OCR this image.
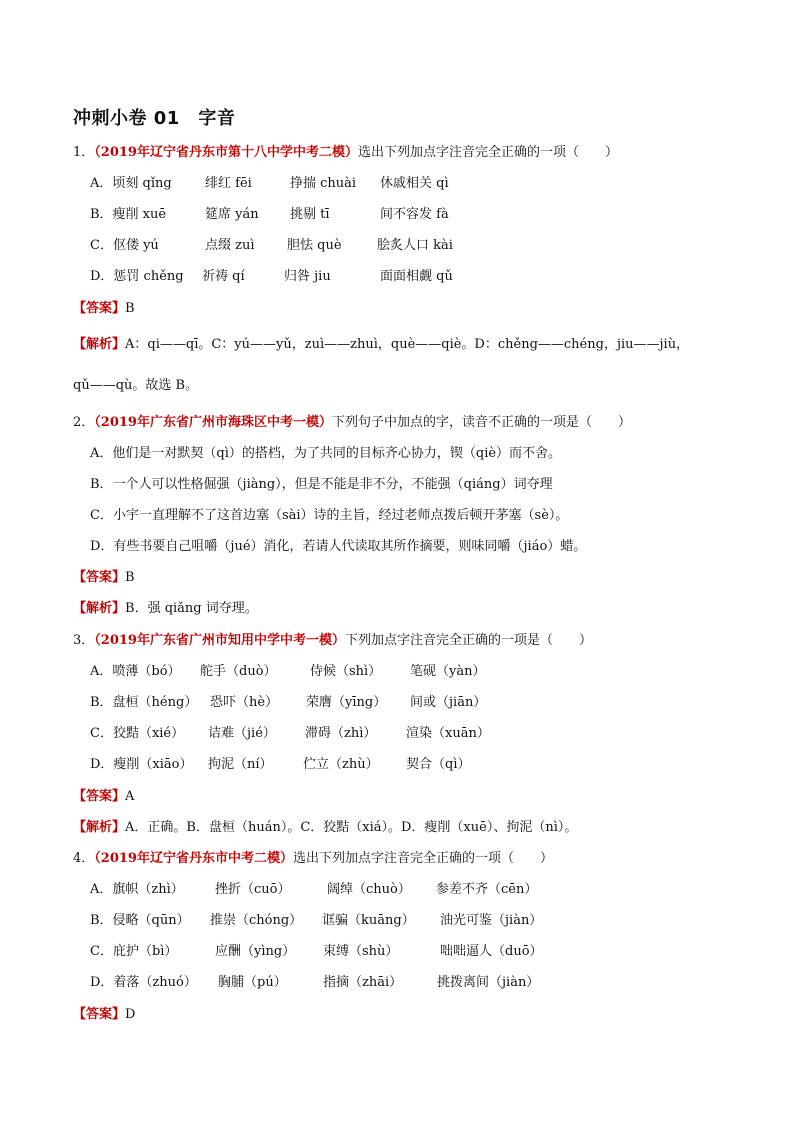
冲刺小卷 01　字音
1．（2019年辽宁省丹东市第十八中学中考二模）选出下列加点字注音完全正确的一项（　　）
A．顷刻 qǐng	绯红 fēi	挣揣 chuài 休戚相关 qì
B．瘦削 xuē	筵席 yán 挑剔 tī	间不容发 fà
C．伛偻 yú	点缀 zuì 胆怯 què	脍炙人口 kài
D．惩罚 chěng 祈祷 qí	归咎 jiu	面面相觑 qǔ
【答案】B
【解析】A：qi——qī。C：yú——yǔ，zuì——zhuì，què——qiè。D：chěng——chéng，jiu——jiù，
qǔ——qù。故选 B。
2．（2019年广东省广州市海珠区中考一模）下列句子中加点的字，读音不正确的一项是（　　）
A．他们是一对默契（qì）的搭档，为了共同的目标齐心协力，锲（qiè）而不舍。
B．一个人可以性格倔强（jiàng），但是不能是非不分，不能强（qiáng）词夺理
C．小宇一直理解不了这首边塞（sài）诗的主旨，经过老师点拨后顿开茅塞（sè）。
D．有些书要自己咀嚼（jué）消化，若请人代读取其所作摘要，则味同嚼（jiáo）蜡。
【答案】B
【解析】B．强 qiǎng 词夺理。
3．（2019年广东省广州市知用中学中考一模）下列加点字注音完全正确的一项是（　　）
A．喷薄（bó） 舵手（duò）	侍候（shì） 笔砚（yàn）
B．盘桓（héng） 恐吓（hè） 荣膺（yīng） 间或（jiān）
C．狡黠（xié） 诘难（jié） 滞碍（zhì） 渲染（xuān）
D．瘦削（xiāo） 拘泥（ní） 伫立（zhù） 契合（qì）
【答案】A
【解析】A．正确。B．盘桓（huán）。C．狡黠（xiá）。D．瘦削（xuē）、拘泥（nì）。
4．（2019年辽宁省丹东市中考二模）选出下列加点字注音完全正确的一项（　　）
A．旗帜（zhì） 挫折（cuō）	阔绰（chuò） 参差不齐（cēn）
B．侵略（qūn） 推崇（chóng） 诓骗（kuāng） 油光可鉴（jiàn）
C．庇护（bì）	应酬（yìng） 束缚（shù）	咄咄逼人（duō）
D．着落（zhuó） 胸脯（pú）	指摘（zhāi）	挑拨离间（jiàn）
【答案】D
